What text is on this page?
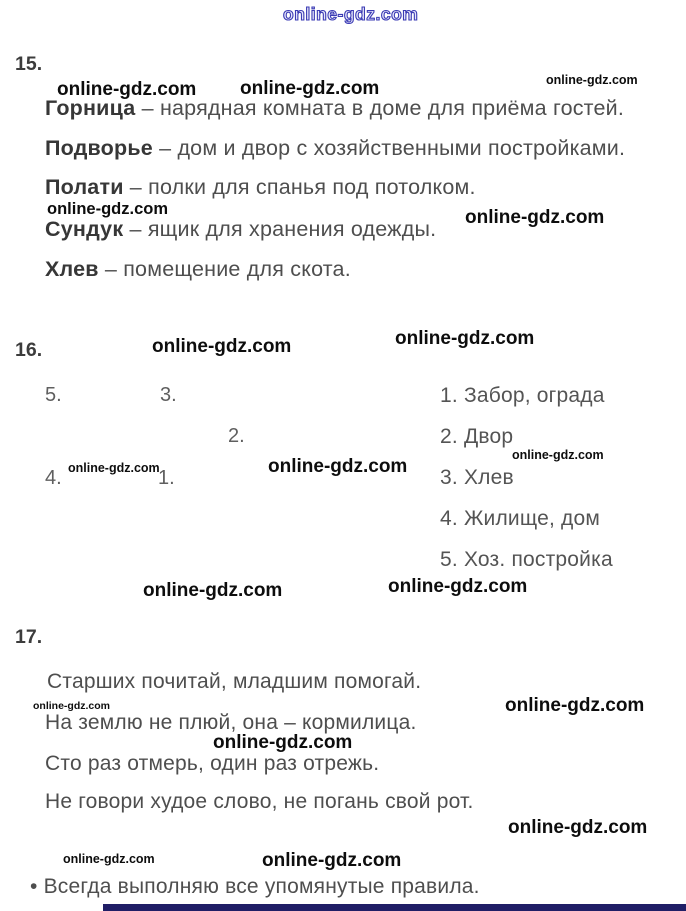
online-gdz.com
15.
online-gdz.com online-gdz.com	online-gdz.com
Горница – нарядная комната в доме для приёма гостей.
Подворье – дом и двор с хозяйственными постройками.
Полати – полки для спанья под потолком.
online-gdz.com	online-gdz.com
Сундук – ящик для хранения одежды.
Хлев – помещение для скота.
16.	online-gdz.com	online-gdz.com
5.	3.
2.
4.	1.
online-gdz.com	online-gdz.com
online-gdz.com
1. Забор, ограда
2. Двор
3. Хлев
4. Жилище, дом
5. Хоз. постройка
online-gdz.com	online-gdz.com
17.
Старших почитай, младшим помогай.
online-gdz.com	online-gdz.com
На землю не плюй, она – кормилица.
online-gdz.com
Сто раз отмерь, один раз отрежь.
Не говори худое слово, не погань свой рот.
online-gdz.com
online-gdz.com	online-gdz.com
• Всегда выполняю все упомянутые правила.
